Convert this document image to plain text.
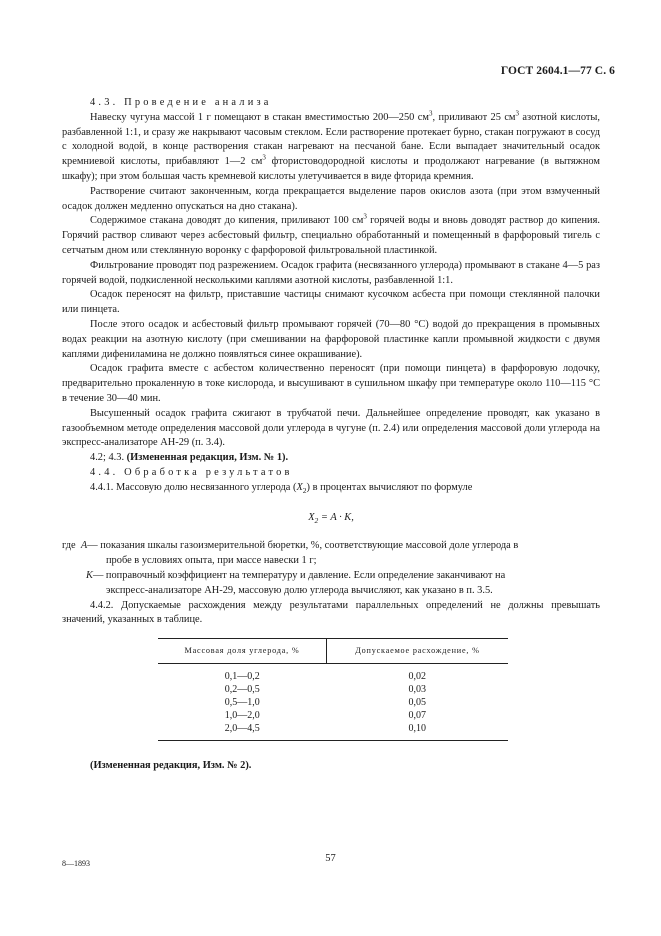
ГОСТ 2604.1—77 С. 6

4.3. Проведение анализа

Навеску чугуна массой 1 г помещают в стакан вместимостью 200—250 $см^3$, приливают 25 $см^3$ азотной кислоты, разбавленной 1:1, и сразу же накрывают часовым стеклом. Если растворение протекает бурно, стакан погружают в сосуд с холодной водой, в конце растворения стакан нагревают на песчаной бане. Если выпадает значительный осадок кремниевой кислоты, прибавляют 1—2 $см^3$ фтористоводородной кислоты и продолжают нагревание (в вытяжном шкафу); при этом большая часть кремневой кислоты улетучивается в виде фторида кремния.

Растворение считают законченным, когда прекращается выделение паров окислов азота (при этом взмученный осадок должен медленно опускаться на дно стакана).

Содержимое стакана доводят до кипения, приливают 100 $см^3$ горячей воды и вновь доводят раствор до кипения. Горячий раствор сливают через асбестовый фильтр, специально обработанный и помещенный в фарфоровый тигель с сетчатым дном или стеклянную воронку с фарфоровой фильтровальной пластинкой.

Фильтрование проводят под разрежением. Осадок графита (несвязанного углерода) промывают в стакане 4—5 раз горячей водой, подкисленной несколькими каплями азотной кислоты, разбавленной 1:1.

Осадок переносят на фильтр, приставшие частицы снимают кусочком асбеста при помощи стеклянной палочки или пинцета.

После этого осадок и асбестовый фильтр промывают горячей (70—80 °С) водой до прекращения в промывных водах реакции на азотную кислоту (при смешивании на фарфоровой пластинке капли промывной жидкости с двумя каплями дифениламина не должно появляться синее окрашивание).

Осадок графита вместе с асбестом количественно переносят (при помощи пинцета) в фарфоровую лодочку, предварительно прокаленную в токе кислорода, и высушивают в сушильном шкафу при температуре около 110—115 °С в течение 30—40 мин.

Высушенный осадок графита сжигают в трубчатой печи. Дальнейшее определение проводят, как указано в газообъемном методе определения массовой доли углерода в чугуне (п. 2.4) или определения массовой доли углерода на экспресс-анализаторе АН-29 (п. 3.4).

4.2; 4.3. (Измененная редакция, Изм. № 1).

4.4. Обработка результатов

4.4.1. Массовую долю несвязанного углерода $(X_2)$ в процентах вычисляют по формуле

$X_2 = A \cdot K$,
где A — показания шкалы газоизмерительной бюретки, %, соответствующие массовой доле углерода в
пробе в условиях опыта, при массе навески 1 г;
K — поправочный коэффициент на температуру и давление. Если определение заканчивают на
экспресс-анализаторе АН-29, массовую долю углерода вычисляют, как указано в п. 3.5.

4.4.2. Допускаемые расхождения между результатами параллельных определений не должны превышать значений, указанных в таблице.

Массовая доля углерода, %	Допускаемое расхождение, %
0,1—0,2	0,02
0,2—0,5	0,03
0,5—1,0	0,05
1,0—2,0	0,07
2,0—4,5	0,10
(Измененная редакция, Изм. № 2).
8—1893	57
